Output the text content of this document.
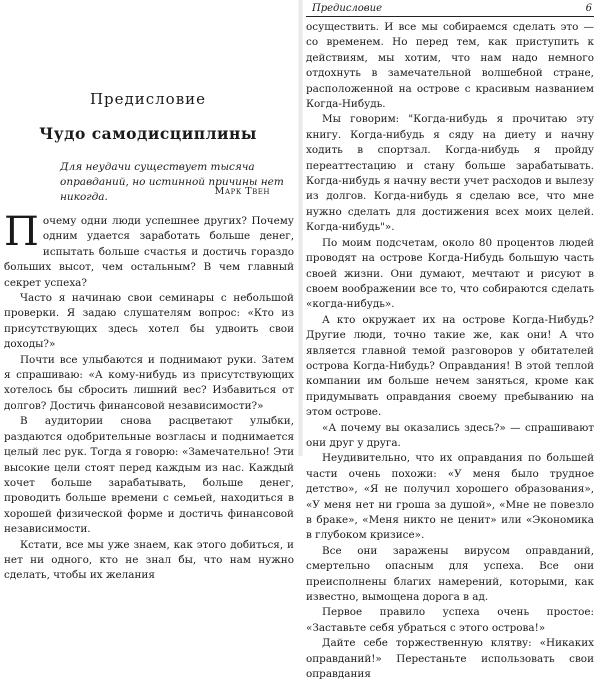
Предисловие
Чудо самодисциплины
Для неудачи существует тысяча оправданий, но истинной причины нет никогда.	Марк Твен

Почему одни люди успешнее других? Почему одним удается заработать больше денег, испытать больше счастья и достичь гораздо больших высот, чем остальным? В чем главный секрет успеха?

Часто я начинаю свои семинары с небольшой проверки. Я задаю слушателям вопрос: «Кто из присутствующих здесь хотел бы удвоить свои доходы?»

Почти все улыбаются и поднимают руки. Затем я спрашиваю: «А кому-нибудь из присутствующих хотелось бы сбросить лишний вес? Избавиться от долгов? Достичь финансовой независимости?»

В аудитории снова расцветают улыбки, раздаются одобрительные возгласы и поднимается целый лес рук. Тогда я говорю: «Замечательно! Эти высокие цели стоят перед каждым из нас. Каждый хочет больше зарабатывать, больше денег, проводить больше времени с семьей, находиться в хорошей физической форме и достичь финансовой независимости.

Кстати, все мы уже знаем, как этого добиться, и нет ни одного, кто не знал бы, что нам нужно сделать, чтобы их желания

Предисловие	6

осуществить. И все мы собираемся сделать это — со временем. Но перед тем, как приступить к действиям, мы хотим, что нам надо немного отдохнуть в замечательной волшебной стране, расположенной на острове с красивым названием Когда-Нибудь.

Мы говорим: "Когда-нибудь я прочитаю эту книгу. Когда-нибудь я сяду на диету и начну ходить в спортзал. Когда-нибудь я пройду переаттестацию и стану больше зарабатывать. Когда-нибудь я начну вести учет расходов и вылезу из долгов. Когда-нибудь я сделаю все, что мне нужно сделать для достижения всех моих целей. Когда-нибудь"».

По моим подсчетам, около 80 процентов людей проводят на острове Когда-Нибудь большую часть своей жизни. Они думают, мечтают и рисуют в своем воображении все то, что собираются сделать «когда-нибудь».

А кто окружает их на острове Когда-Нибудь? Другие люди, точно такие же, как они! А что является главной темой разговоров у обитателей острова Когда-Нибудь? Оправдания! В этой теплой компании им больше нечем заняться, кроме как придумывать оправдания своему пребыванию на этом острове.

«А почему вы оказались здесь?» — спрашивают они друг у друга.

Неудивительно, что их оправдания по большей части очень похожи: «У меня было трудное детство», «Я не получил хорошего образования», «У меня нет ни гроша за душой», «Мне не повезло в браке», «Меня никто не ценит» или «Экономика в глубоком кризисе».

Все они заражены вирусом оправданий, смертельно опасным для успеха. Все они преисполнены благих намерений, которыми, как известно, вымощена дорога в ад.

Первое правило успеха очень простое: «Заставьте себя убраться с этого острова!»

Дайте себе торжественную клятву: «Никаких оправданий!» Перестаньте использовать свои оправдания
